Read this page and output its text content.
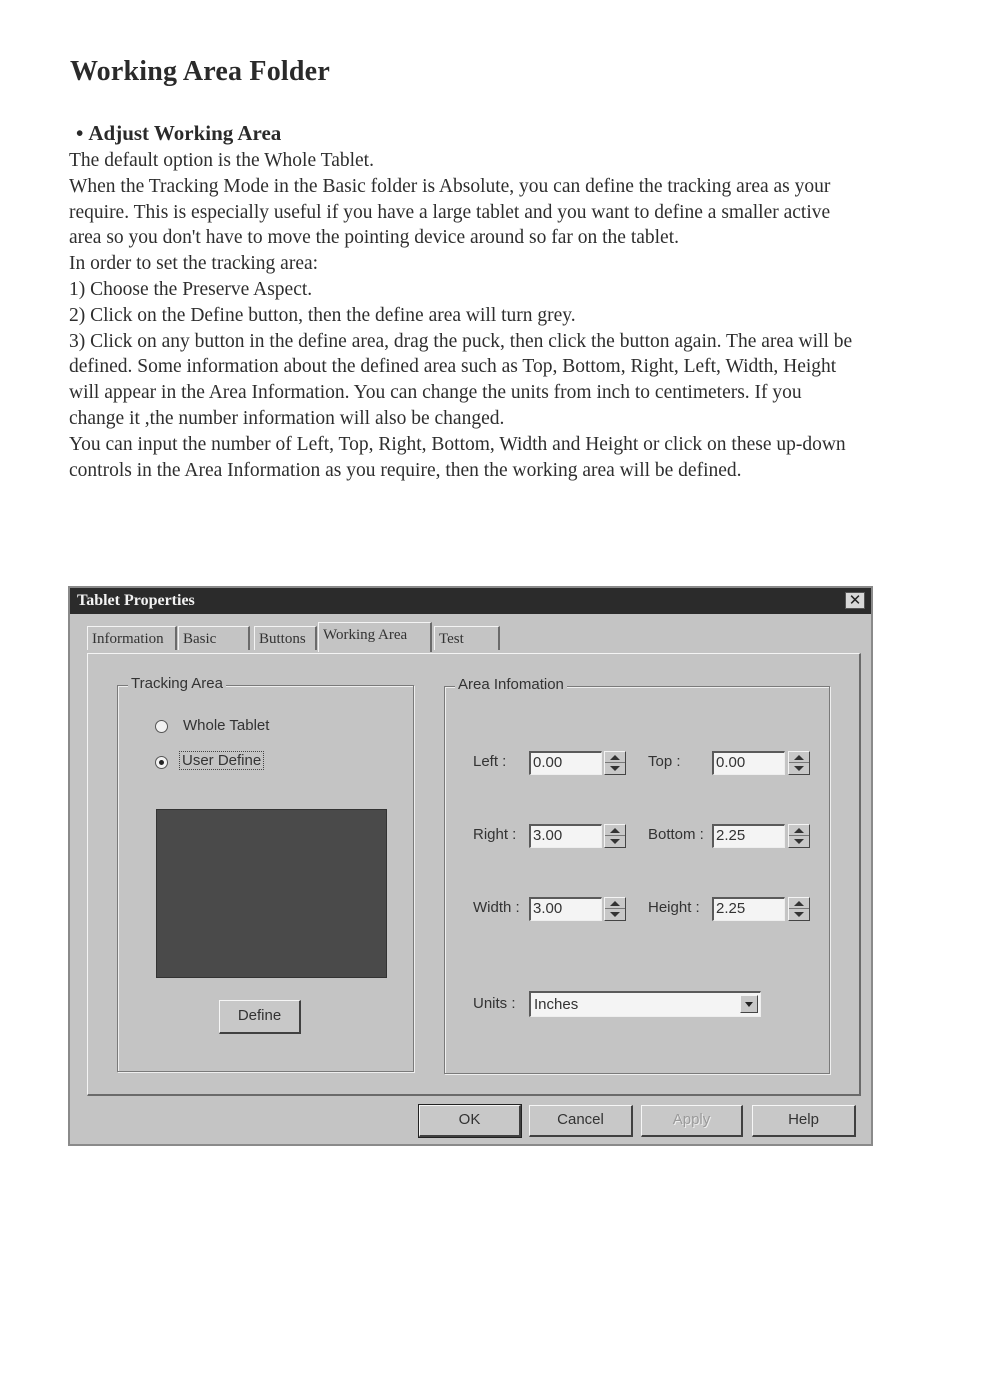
Working Area Folder
• Adjust Working Area

The default option is the Whole Tablet.

When the Tracking Mode in the Basic folder is Absolute, you can define the tracking area as your require. This is especially useful if you have a large tablet and you want to define a smaller active area so you don't have to move the pointing device around so far on the tablet.

In order to set the tracking area:

1) Choose the Preserve Aspect.

2) Click on the Define button, then the define area will turn grey.

3) Click on any button in the define area, drag the puck, then click the button again. The area will be defined. Some information about the defined area such as Top, Bottom, Right, Left, Width, Height will appear in the Area Information. You can change the units from inch to centimeters. If you change it ,the number information will also be changed.

You can input the number of Left, Top, Right, Bottom, Width and Height or click on these up-down controls in the Area Information as you require, then the working area will be defined.

Tablet Properties	✕
Information	Basic	Buttons	Working Area	Test
Tracking Area
Whole Tablet
User Define
Define
Area Infomation
Left : 0.00	Top : 0.00
Right : 3.00	Bottom : 2.25
Width : 3.00	Height : 2.25
Units : Inches
OK	Cancel	Apply	Help
